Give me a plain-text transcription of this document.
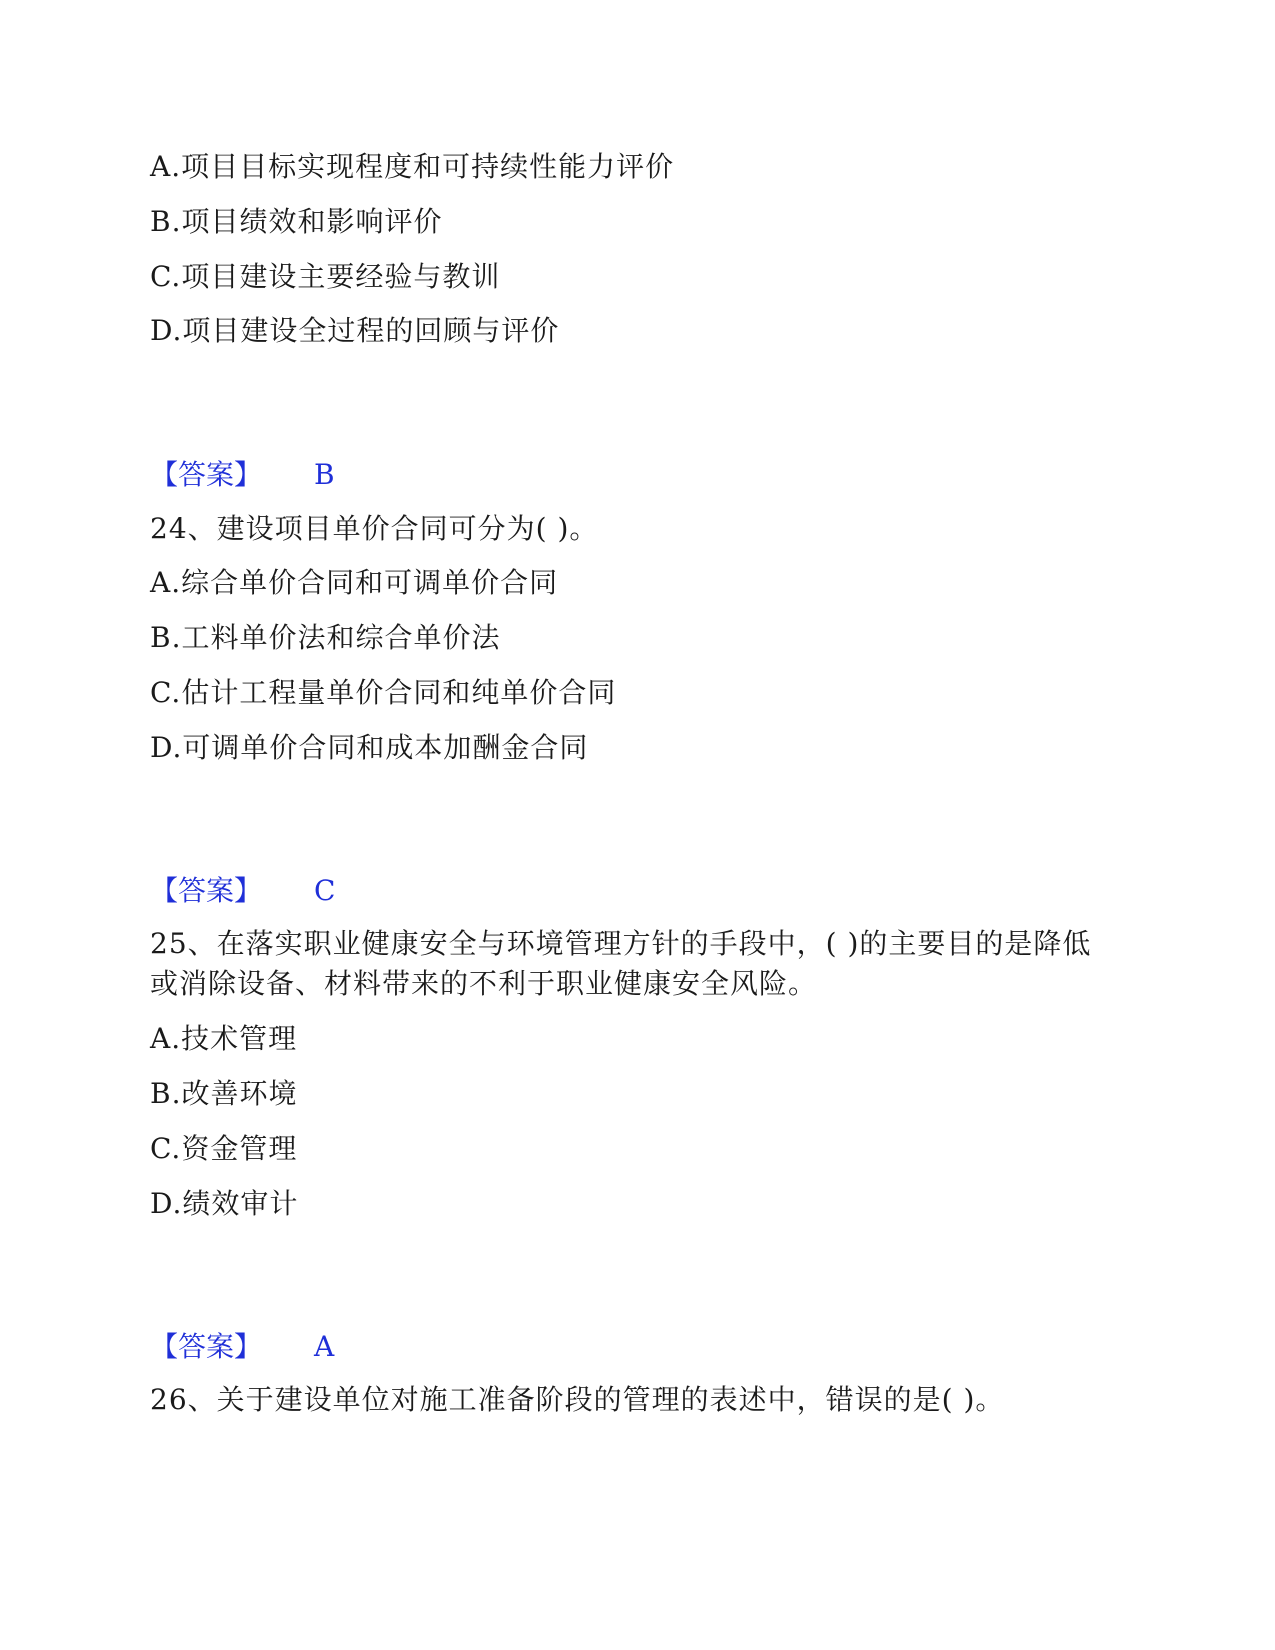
A.项目目标实现程度和可持续性能力评价
B.项目绩效和影响评价
C.项目建设主要经验与教训
D.项目建设全过程的回顾与评价
【答案】 B
24、建设项目单价合同可分为( )。
A.综合单价合同和可调单价合同
B.工料单价法和综合单价法
C.估计工程量单价合同和纯单价合同
D.可调单价合同和成本加酬金合同
【答案】 C
25、在落实职业健康安全与环境管理方针的手段中，( )的主要目的是降低
或消除设备、材料带来的不利于职业健康安全风险。
A.技术管理
B.改善环境
C.资金管理
D.绩效审计
【答案】 A
26、关于建设单位对施工准备阶段的管理的表述中，错误的是( )。
